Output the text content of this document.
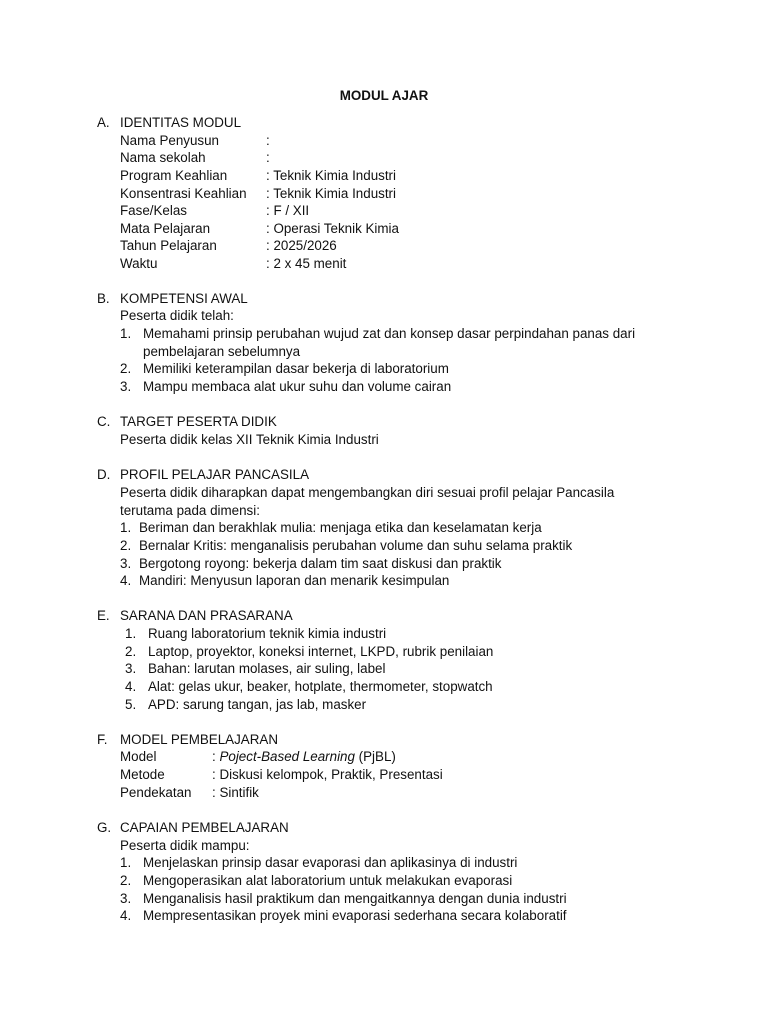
MODUL AJAR
A. IDENTITAS MODUL
Nama Penyusun	:
Nama sekolah	:
Program Keahlian	: Teknik Kimia Industri
Konsentrasi Keahlian : Teknik Kimia Industri
Fase/Kelas	: F / XII
Mata Pelajaran	: Operasi Teknik Kimia
Tahun Pelajaran	: 2025/2026
Waktu	: 2 x 45 menit
B. KOMPETENSI AWAL
Peserta didik telah:
1. Memahami prinsip perubahan wujud zat dan konsep dasar perpindahan panas dari
pembelajaran sebelumnya
2. Memiliki keterampilan dasar bekerja di laboratorium
3. Mampu membaca alat ukur suhu dan volume cairan
C. TARGET PESERTA DIDIK
Peserta didik kelas XII Teknik Kimia Industri
D. PROFIL PELAJAR PANCASILA
Peserta didik diharapkan dapat mengembangkan diri sesuai profil pelajar Pancasila
terutama pada dimensi:
1. Beriman dan berakhlak mulia: menjaga etika dan keselamatan kerja
2. Bernalar Kritis: menganalisis perubahan volume dan suhu selama praktik
3. Bergotong royong: bekerja dalam tim saat diskusi dan praktik
4. Mandiri: Menyusun laporan dan menarik kesimpulan
E. SARANA DAN PRASARANA
1. Ruang laboratorium teknik kimia industri
2. Laptop, proyektor, koneksi internet, LKPD, rubrik penilaian
3. Bahan: larutan molases, air suling, label
4. Alat: gelas ukur, beaker, hotplate, thermometer, stopwatch
5. APD: sarung tangan, jas lab, masker
F. MODEL PEMBELAJARAN
Model	: Poject-Based Learning (PjBL)
Metode	: Diskusi kelompok, Praktik, Presentasi
Pendekatan : Sintifik
G. CAPAIAN PEMBELAJARAN
Peserta didik mampu:
1. Menjelaskan prinsip dasar evaporasi dan aplikasinya di industri
2. Mengoperasikan alat laboratorium untuk melakukan evaporasi
3. Menganalisis hasil praktikum dan mengaitkannya dengan dunia industri
4. Mempresentasikan proyek mini evaporasi sederhana secara kolaboratif
